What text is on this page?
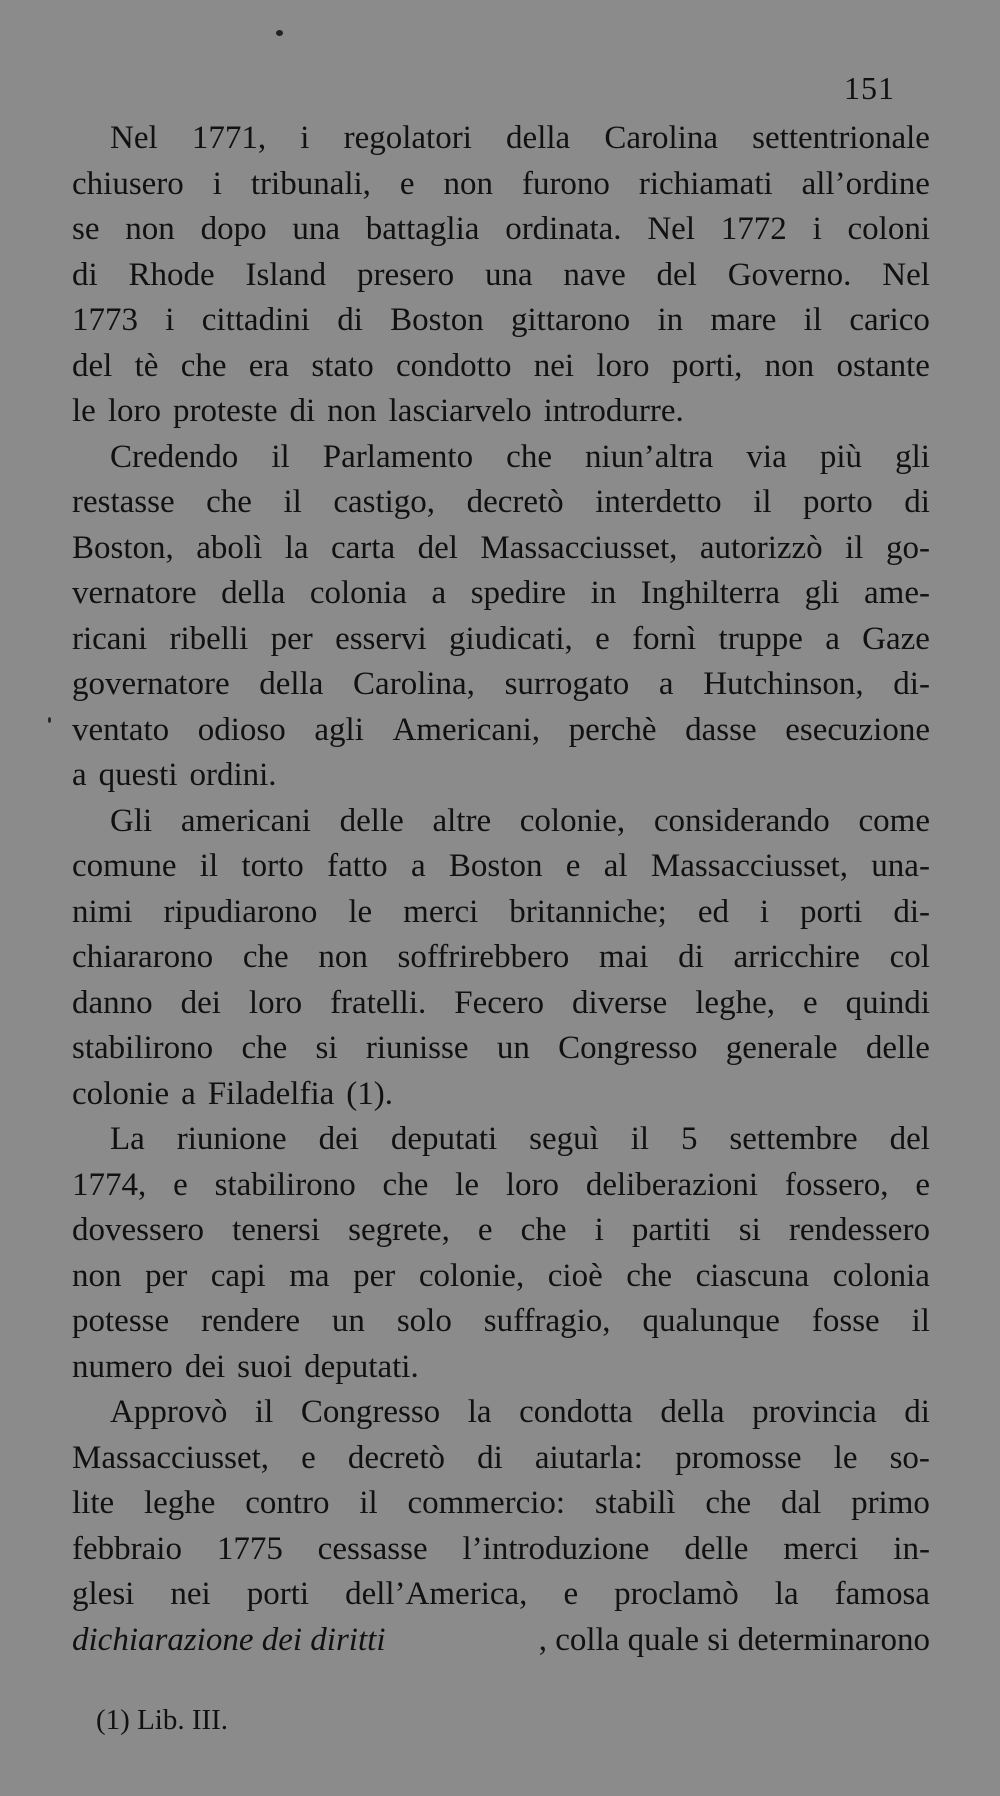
151
Nel 1771, i regolatori della Carolina settentrionale
chiusero i tribunali, e non furono richiamati all’ordine
se non dopo una battaglia ordinata. Nel 1772 i coloni
di Rhode Island presero una nave del Governo. Nel
1773 i cittadini di Boston gittarono in mare il carico
del tè che era stato condotto nei loro porti, non ostante
le loro proteste di non lasciarvelo introdurre.
Credendo il Parlamento che niun’altra via più gli
restasse che il castigo, decretò interdetto il porto di
Boston, abolì la carta del Massacciusset, autorizzò il go-
vernatore della colonia a spedire in Inghilterra gli ame-
ricani ribelli per esservi giudicati, e fornì truppe a Gaze
governatore della Carolina, surrogato a Hutchinson, di-
ventato odioso agli Americani, perchè dasse esecuzione
a questi ordini.
Gli americani delle altre colonie, considerando come
comune il torto fatto a Boston e al Massacciusset, una-
nimi ripudiarono le merci britanniche; ed i porti di-
chiararono che non soffrirebbero mai di arricchire col
danno dei loro fratelli. Fecero diverse leghe, e quindi
stabilirono che si riunisse un Congresso generale delle
colonie a Filadelfia (1).
La riunione dei deputati seguì il 5 settembre del
1774, e stabilirono che le loro deliberazioni fossero, e
dovessero tenersi segrete, e che i partiti si rendessero
non per capi ma per colonie, cioè che ciascuna colonia
potesse rendere un solo suffragio, qualunque fosse il
numero dei suoi deputati.
Approvò il Congresso la condotta della provincia di
Massacciusset, e decretò di aiutarla: promosse le so-
lite leghe contro il commercio: stabilì che dal primo
febbraio 1775 cessasse l’introduzione delle merci in-
glesi nei porti dell’America, e proclamò la famosa
dichiarazione dei diritti	, colla quale si determinarono
(1) Lib. III.
